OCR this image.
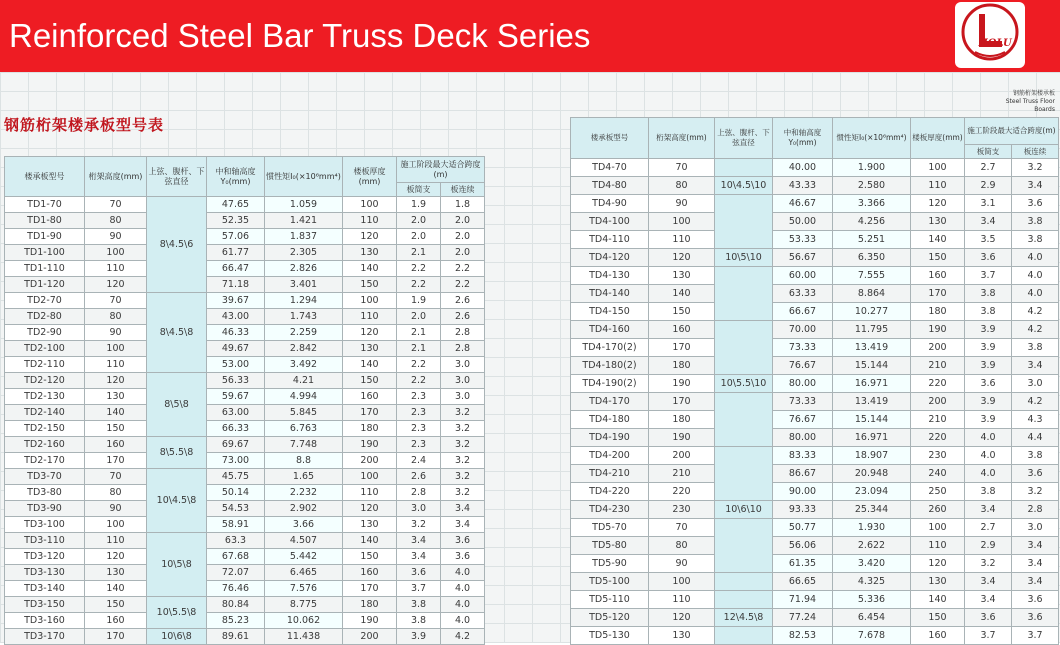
Reinforced Steel Bar Truss Deck Series	HOLU
钢筋桁架楼承板型号表
钢筋桁架楼承板
Steel Truss Floor Boards
楼承板型号	桁架高度(mm)	上弦、腹杆、下弦直径	中和轴高度Y₀(mm)	惯性矩I₀(×10⁶mm⁴)	楼板厚度(mm)	施工阶段最大适合跨度(m)	
						板简支	板连续
TD1-70	70	8\4.5\6	47.65	1.059	100	1.9	1.8
TD1-80	80		52.35	1.421	110	2.0	2.0
TD1-90	90		57.06	1.837	120	2.0	2.0
TD1-100	100		61.77	2.305	130	2.1	2.0
TD1-110	110		66.47	2.826	140	2.2	2.2
TD1-120	120		71.18	3.401	150	2.2	2.2
TD2-70	70	8\4.5\8	39.67	1.294	100	1.9	2.6
TD2-80	80		43.00	1.743	110	2.0	2.6
TD2-90	90		46.33	2.259	120	2.1	2.8
TD2-100	100		49.67	2.842	130	2.1	2.8
TD2-110	110		53.00	3.492	140	2.2	3.0
TD2-120	120	8\5\8	56.33	4.21	150	2.2	3.0
TD2-130	130		59.67	4.994	160	2.3	3.0
TD2-140	140		63.00	5.845	170	2.3	3.2
TD2-150	150		66.33	6.763	180	2.3	3.2
TD2-160	160	8\5.5\8	69.67	7.748	190	2.3	3.2
TD2-170	170		73.00	8.8	200	2.4	3.2
TD3-70	70	10\4.5\8	45.75	1.65	100	2.6	3.2
TD3-80	80		50.14	2.232	110	2.8	3.2
TD3-90	90		54.53	2.902	120	3.0	3.4
TD3-100	100		58.91	3.66	130	3.2	3.4
TD3-110	110	10\5\8	63.3	4.507	140	3.4	3.6
TD3-120	120		67.68	5.442	150	3.4	3.6
TD3-130	130		72.07	6.465	160	3.6	4.0
TD3-140	140		76.46	7.576	170	3.7	4.0
TD3-150	150	10\5.5\8	80.84	8.775	180	3.8	4.0
TD3-160	160		85.23	10.062	190	3.8	4.0
TD3-170	170	10\6\8	89.61	11.438	200	3.9	4.2
楼承板型号	桁架高度(mm)	上弦、腹杆、下弦直径	中和轴高度Y₀(mm)	惯性矩I₀(×10⁶mm⁴)	楼板厚度(mm)	施工阶段最大适合跨度(m)	
						板简支	板连续
TD4-70	70		40.00	1.900	100	2.7	3.2
TD4-80	80	10\4.5\10	43.33	2.580	110	2.9	3.4
TD4-90	90		46.67	3.366	120	3.1	3.6
TD4-100	100		50.00	4.256	130	3.4	3.8
TD4-110	110		53.33	5.251	140	3.5	3.8
TD4-120	120	10\5\10	56.67	6.350	150	3.6	4.0
TD4-130	130		60.00	7.555	160	3.7	4.0
TD4-140	140		63.33	8.864	170	3.8	4.0
TD4-150	150		66.67	10.277	180	3.8	4.2
TD4-160	160		70.00	11.795	190	3.9	4.2
TD4-170(2)	170		73.33	13.419	200	3.9	3.8
TD4-180(2)	180		76.67	15.144	210	3.9	3.4
TD4-190(2)	190	10\5.5\10	80.00	16.971	220	3.6	3.0
TD4-170	170		73.33	13.419	200	3.9	4.2
TD4-180	180		76.67	15.144	210	3.9	4.3
TD4-190	190		80.00	16.971	220	4.0	4.4
TD4-200	200		83.33	18.907	230	4.0	3.8
TD4-210	210		86.67	20.948	240	4.0	3.6
TD4-220	220		90.00	23.094	250	3.8	3.2
TD4-230	230	10\6\10	93.33	25.344	260	3.4	2.8
TD5-70	70		50.77	1.930	100	2.7	3.0
TD5-80	80		56.06	2.622	110	2.9	3.4
TD5-90	90		61.35	3.420	120	3.2	3.4
TD5-100	100		66.65	4.325	130	3.4	3.4
TD5-110	110		71.94	5.336	140	3.4	3.6
TD5-120	120	12\4.5\8	77.24	6.454	150	3.6	3.6
TD5-130	130		82.53	7.678	160	3.7	3.7
